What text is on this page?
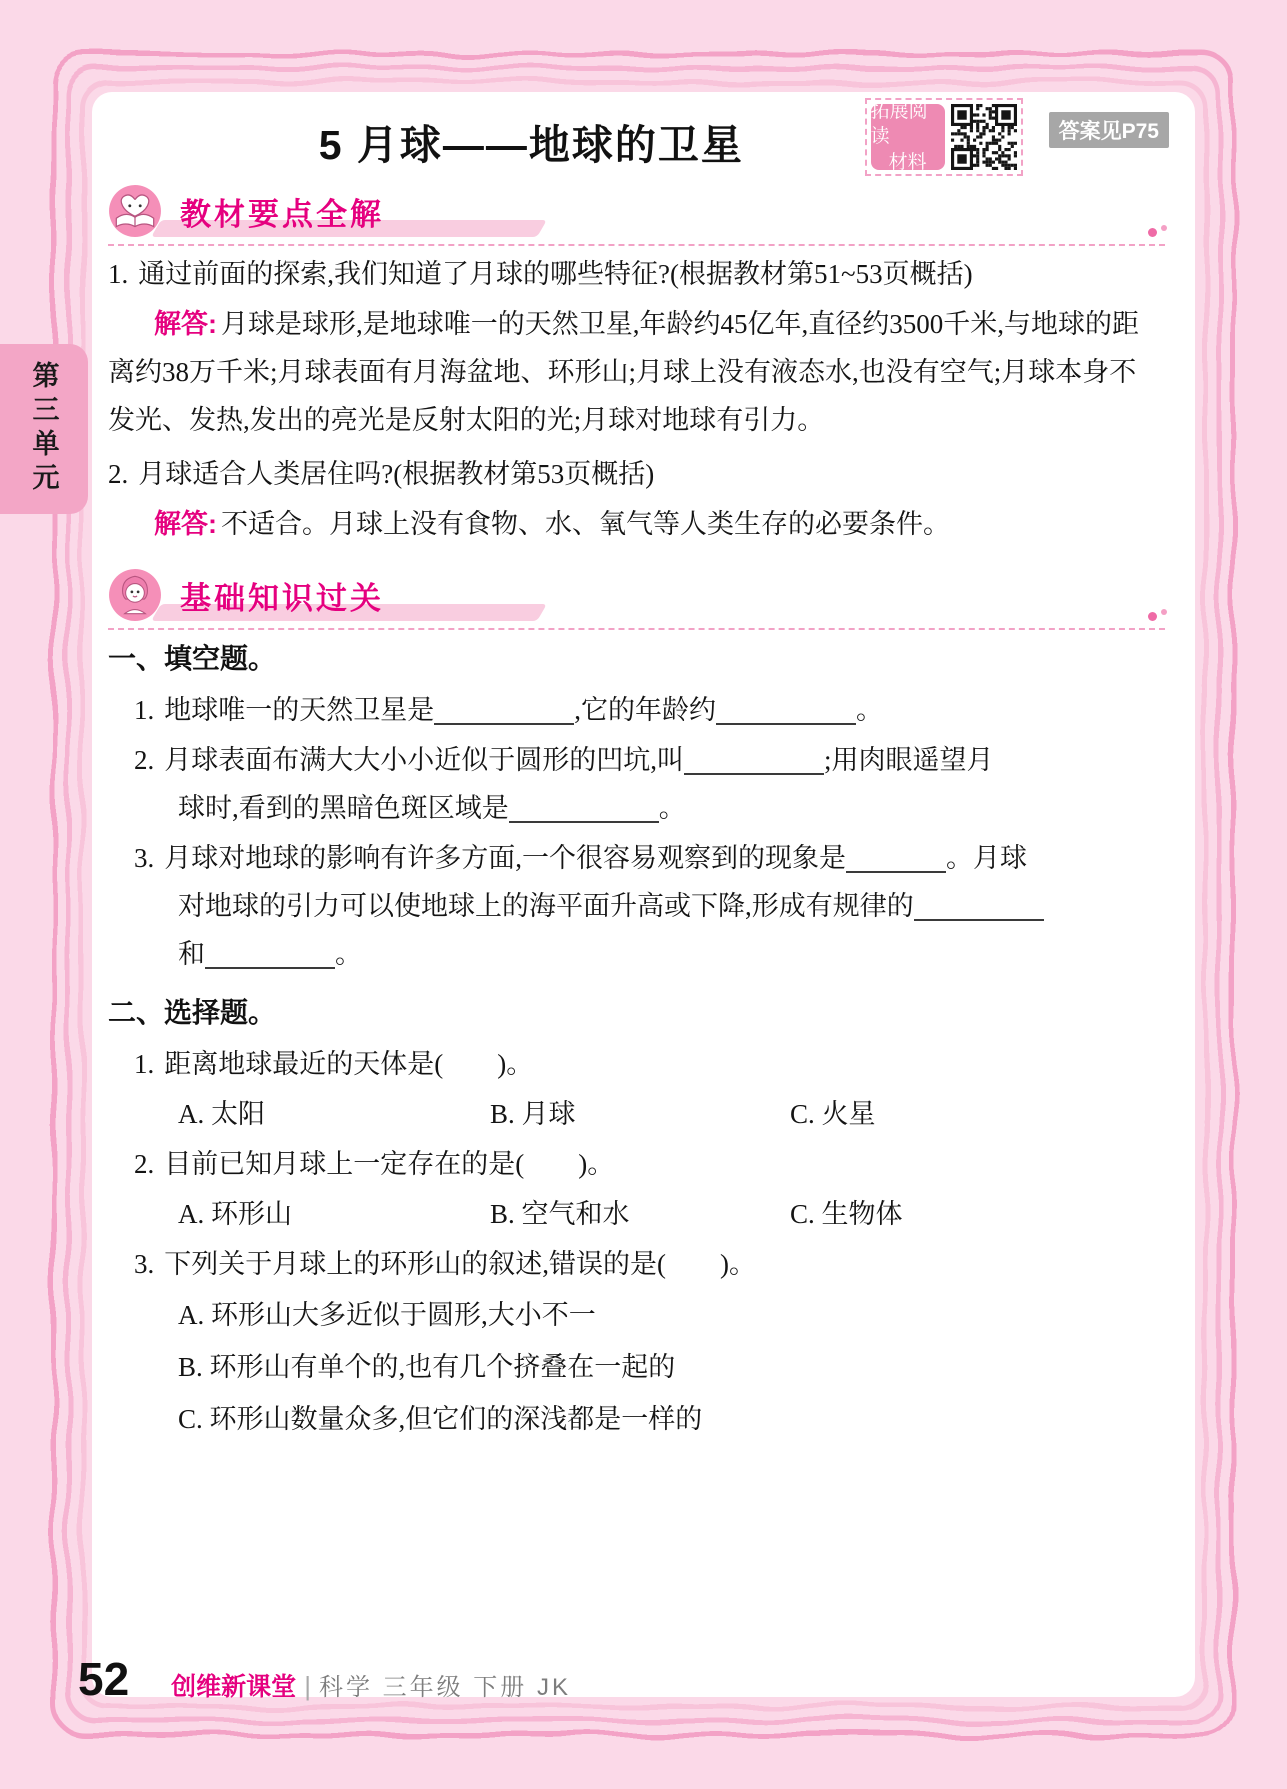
第三单元
5 月球——地球的卫星
拓展阅读
材料
答案见P75
教材要点全解
1. 通过前面的探索,我们知道了月球的哪些特征?(根据教材第51~53页概括)
解答: 月球是球形,是地球唯一的天然卫星,年龄约45亿年,直径约3500千米,与地球的距离约38万千米;月球表面有月海盆地、环形山;月球上没有液态水,也没有空气;月球本身不发光、发热,发出的亮光是反射太阳的光;月球对地球有引力。
2. 月球适合人类居住吗?(根据教材第53页概括)
解答: 不适合。月球上没有食物、水、氧气等人类生存的必要条件。
基础知识过关
一、填空题。
1. 地球唯一的天然卫星是	,它的年龄约	。
2. 月球表面布满大大小小近似于圆形的凹坑,叫	;用肉眼遥望月
球时,看到的黑暗色斑区域是	。
3. 月球对地球的影响有许多方面,一个很容易观察到的现象是	。月球
对地球的引力可以使地球上的海平面升高或下降,形成有规律的
和	。
二、选择题。
1. 距离地球最近的天体是(　　)。
A. 太阳	B. 月球	C. 火星
2. 目前已知月球上一定存在的是(　　)。
A. 环形山	B. 空气和水	C. 生物体
3. 下列关于月球上的环形山的叙述,错误的是(　　)。
A. 环形山大多近似于圆形,大小不一
B. 环形山有单个的,也有几个挤叠在一起的
C. 环形山数量众多,但它们的深浅都是一样的
52 创维新课堂 | 科学 三年级 下册 JK
